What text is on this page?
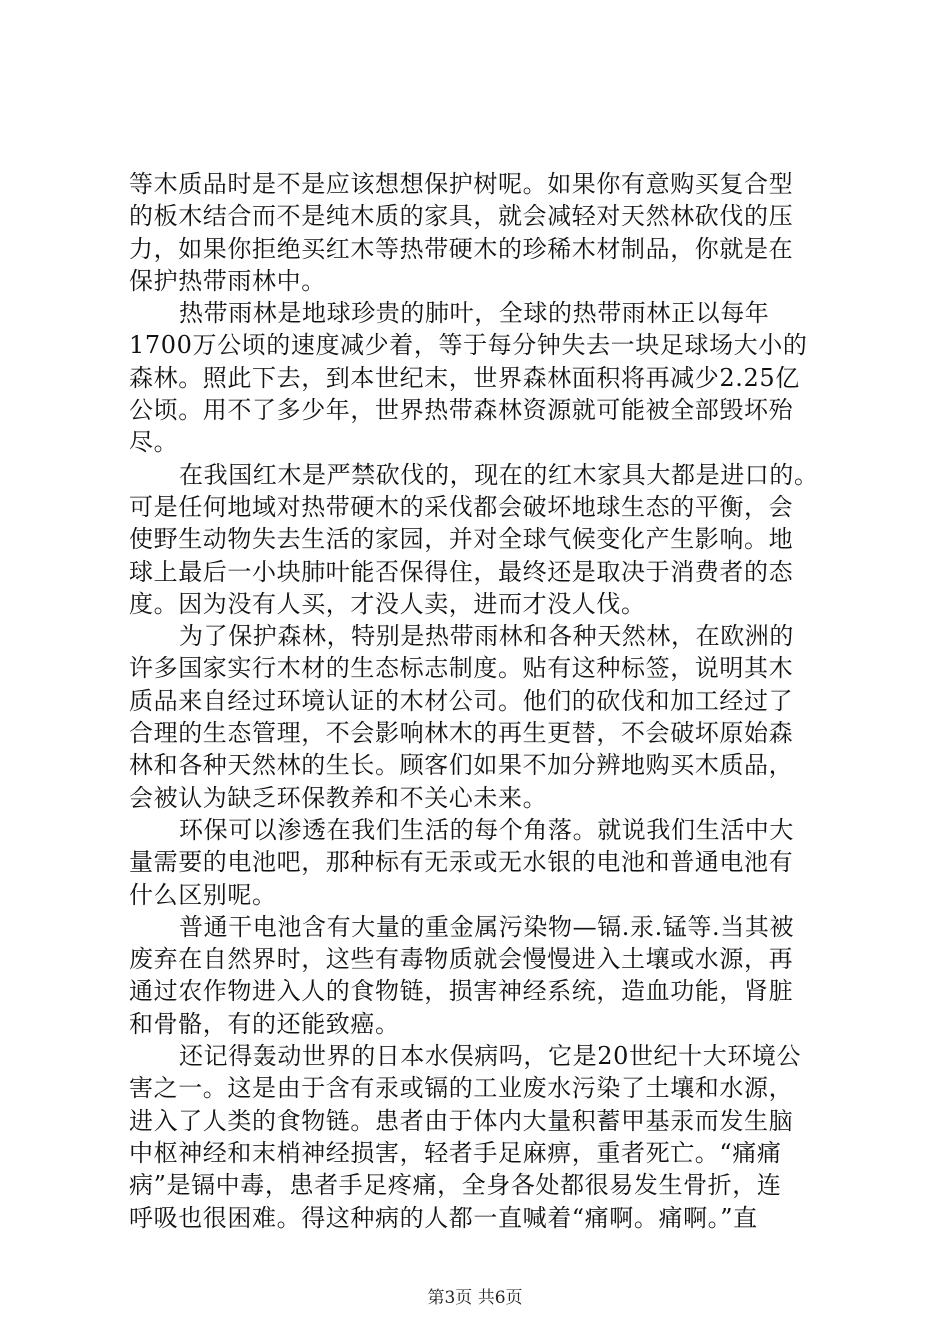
等木质品时是不是应该想想保护树呢。如果你有意购买复合型
的板木结合而不是纯木质的家具，就会减轻对天然林砍伐的压
力，如果你拒绝买红木等热带硬木的珍稀木材制品，你就是在
保护热带雨林中。
热带雨林是地球珍贵的肺叶，全球的热带雨林正以每年
1700万公顷的速度减少着，等于每分钟失去一块足球场大小的
森林。照此下去，到本世纪末，世界森林面积将再减少2.25亿
公顷。用不了多少年，世界热带森林资源就可能被全部毁坏殆
尽。
在我国红木是严禁砍伐的，现在的红木家具大都是进口的。
可是任何地域对热带硬木的采伐都会破坏地球生态的平衡，会
使野生动物失去生活的家园，并对全球气候变化产生影响。地
球上最后一小块肺叶能否保得住，最终还是取决于消费者的态
度。因为没有人买，才没人卖，进而才没人伐。
为了保护森林，特别是热带雨林和各种天然林，在欧洲的
许多国家实行木材的生态标志制度。贴有这种标签，说明其木
质品来自经过环境认证的木材公司。他们的砍伐和加工经过了
合理的生态管理，不会影响林木的再生更替，不会破坏原始森
林和各种天然林的生长。顾客们如果不加分辨地购买木质品，
会被认为缺乏环保教养和不关心未来。
环保可以渗透在我们生活的每个角落。就说我们生活中大
量需要的电池吧，那种标有无汞或无水银的电池和普通电池有
什么区别呢。
普通干电池含有大量的重金属污染物—镉.汞.锰等.当其被
废弃在自然界时，这些有毒物质就会慢慢进入土壤或水源，再
通过农作物进入人的食物链，损害神经系统，造血功能，肾脏
和骨骼，有的还能致癌。
还记得轰动世界的日本水俣病吗，它是20世纪十大环境公
害之一。这是由于含有汞或镉的工业废水污染了土壤和水源，
进入了人类的食物链。患者由于体内大量积蓄甲基汞而发生脑
中枢神经和末梢神经损害，轻者手足麻痹，重者死亡。“痛痛
病”是镉中毒，患者手足疼痛，全身各处都很易发生骨折，连
呼吸也很困难。得这种病的人都一直喊着“痛啊。痛啊。”直
第3页 共6页
